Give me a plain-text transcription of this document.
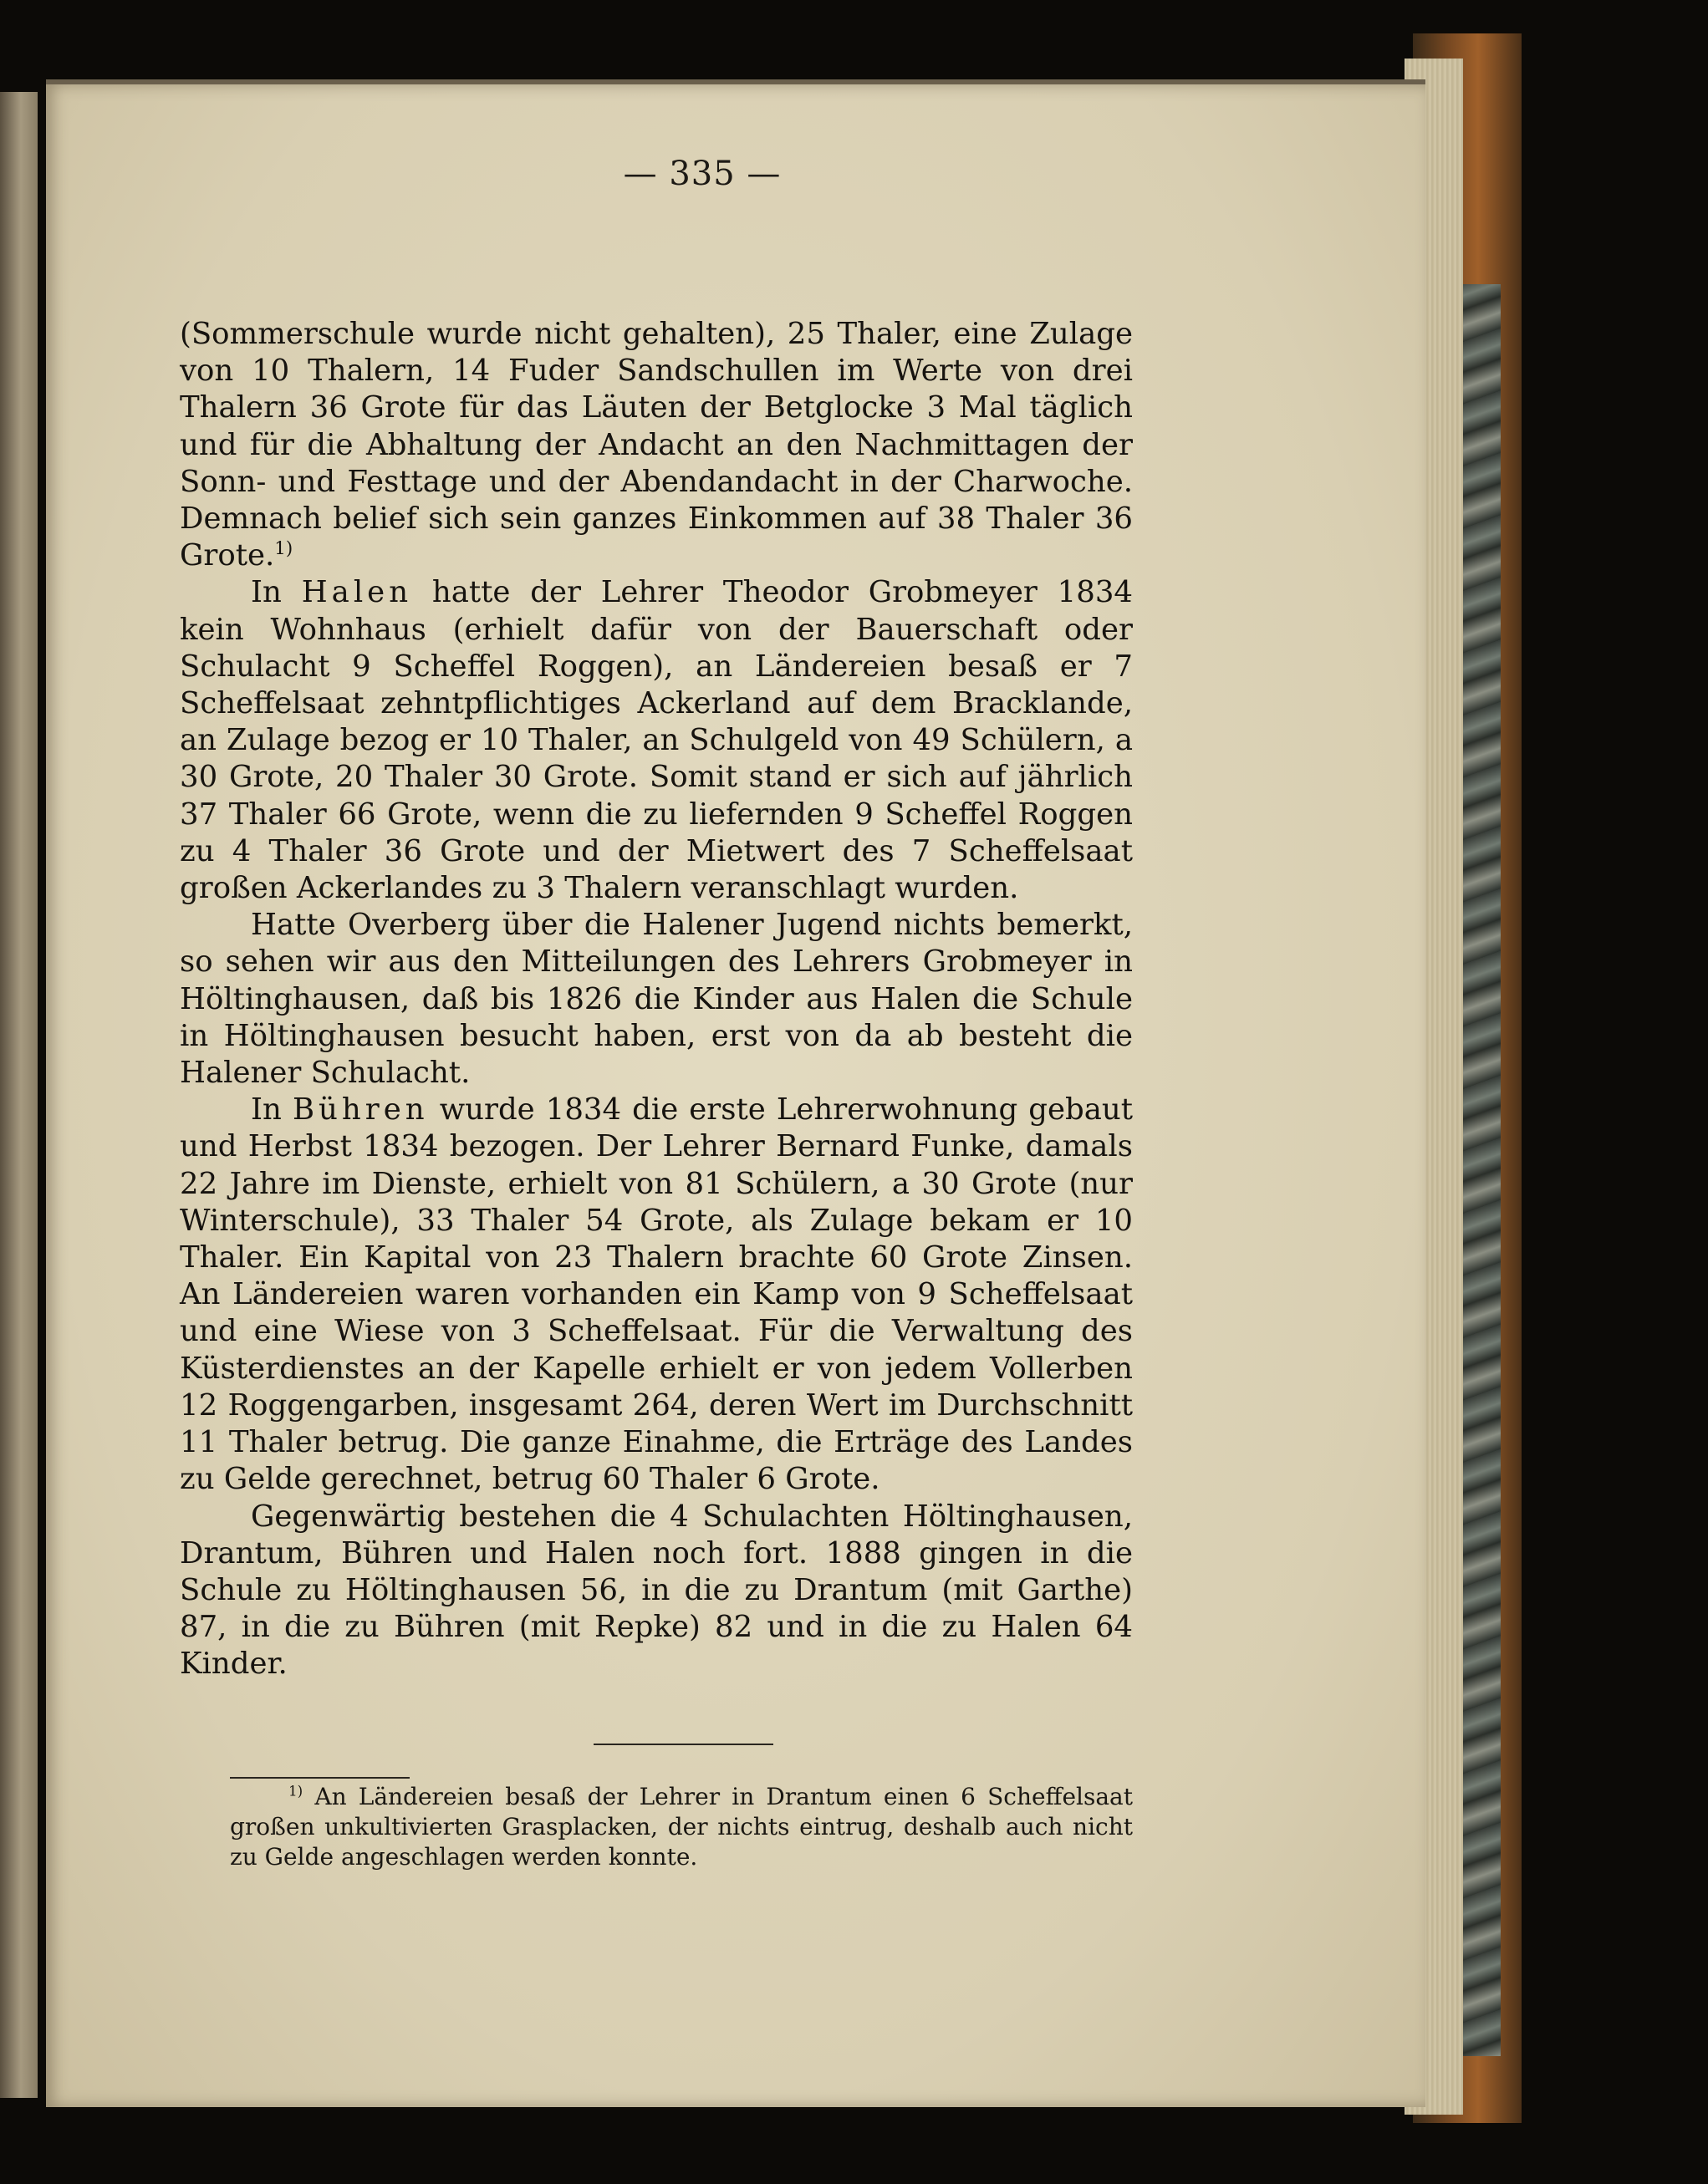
— 335 —

(Sommerschule wurde nicht gehalten), 25 Thaler, eine Zulage von 10 Thalern, 14 Fuder Sandschullen im Werte von drei Thalern 36 Grote für das Läuten der Betglocke 3 Mal täglich und für die Abhaltung der Andacht an den Nachmittagen der Sonn- und Festtage und der Abendandacht in der Charwoche. Demnach belief sich sein ganzes Einkommen auf 38 Thaler 36 Grote.$^{1)}$

In Halen hatte der Lehrer Theodor Grobmeyer 1834 kein Wohnhaus (erhielt dafür von der Bauerschaft oder Schulacht 9 Scheffel Roggen), an Ländereien besaß er 7 Scheffelsaat zehntpflichtiges Ackerland auf dem Bracklande, an Zulage bezog er 10 Thaler, an Schulgeld von 49 Schülern, a 30 Grote, 20 Thaler 30 Grote. Somit stand er sich auf jährlich 37 Thaler 66 Grote, wenn die zu liefernden 9 Scheffel Roggen zu 4 Thaler 36 Grote und der Mietwert des 7 Scheffelsaat großen Ackerlandes zu 3 Thalern veranschlagt wurden.

Hatte Overberg über die Halener Jugend nichts bemerkt, so sehen wir aus den Mitteilungen des Lehrers Grobmeyer in Höltinghausen, daß bis 1826 die Kinder aus Halen die Schule in Höltinghausen besucht haben, erst von da ab besteht die Halener Schulacht.

In Bühren wurde 1834 die erste Lehrerwohnung gebaut und Herbst 1834 bezogen. Der Lehrer Bernard Funke, damals 22 Jahre im Dienste, erhielt von 81 Schülern, a 30 Grote (nur Winterschule), 33 Thaler 54 Grote, als Zulage bekam er 10 Thaler. Ein Kapital von 23 Thalern brachte 60 Grote Zinsen. An Ländereien waren vorhanden ein Kamp von 9 Scheffelsaat und eine Wiese von 3 Scheffelsaat. Für die Verwaltung des Küsterdienstes an der Kapelle erhielt er von jedem Vollerben 12 Roggengarben, insgesamt 264, deren Wert im Durchschnitt 11 Thaler betrug. Die ganze Einahme, die Erträge des Landes zu Gelde gerechnet, betrug 60 Thaler 6 Grote.

Gegenwärtig bestehen die 4 Schulachten Höltinghausen, Drantum, Bühren und Halen noch fort. 1888 gingen in die Schule zu Höltinghausen 56, in die zu Drantum (mit Garthe) 87, in die zu Bühren (mit Repke) 82 und in die zu Halen 64 Kinder.

$^{1)}$ An Ländereien besaß der Lehrer in Drantum einen 6 Scheffelsaat großen unkultivierten Grasplacken, der nichts eintrug, deshalb auch nicht zu Gelde angeschlagen werden konnte.
